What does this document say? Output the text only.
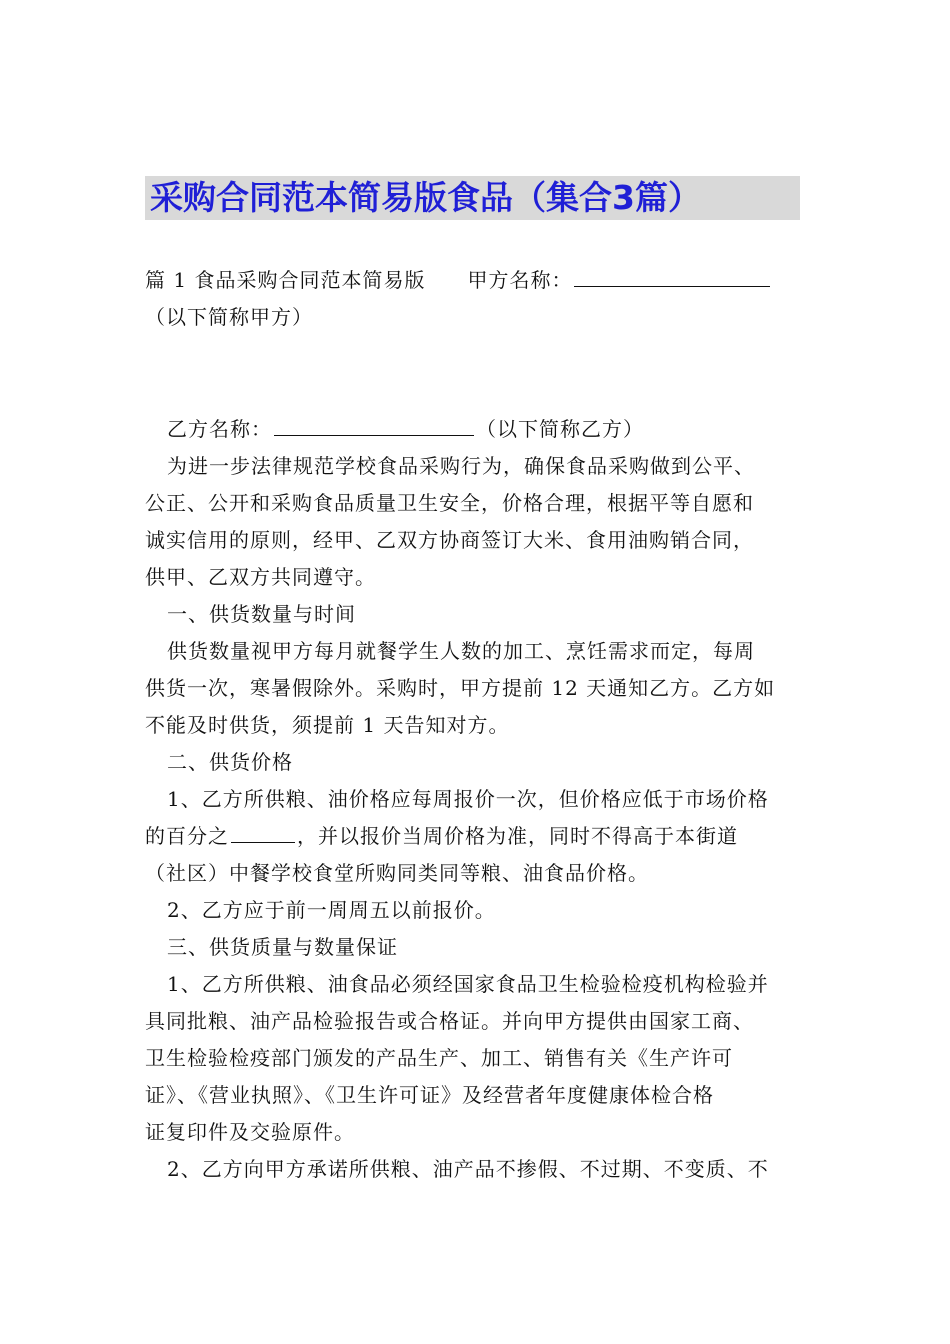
采购合同范本简易版食品（集合3篇）
篇 1 食品采购合同范本简易版　　甲方名称：
（以下简称甲方）
乙方名称：	（以下简称乙方）
为进一步法律规范学校食品采购行为，确保食品采购做到公平、
公正、公开和采购食品质量卫生安全，价格合理，根据平等自愿和
诚实信用的原则，经甲、乙双方协商签订大米、食用油购销合同，
供甲、乙双方共同遵守。
一、供货数量与时间
供货数量视甲方每月就餐学生人数的加工、烹饪需求而定，每周
供货一次，寒暑假除外。采购时，甲方提前 12 天通知乙方。乙方如
不能及时供货，须提前 1 天告知对方。
二、供货价格
1、乙方所供粮、油价格应每周报价一次，但价格应低于市场价格
的百分之	，并以报价当周价格为准，同时不得高于本街道
（社区）中餐学校食堂所购同类同等粮、油食品价格。
2、乙方应于前一周周五以前报价。
三、供货质量与数量保证
1、乙方所供粮、油食品必须经国家食品卫生检验检疫机构检验并
具同批粮、油产品检验报告或合格证。并向甲方提供由国家工商、
卫生检验检疫部门颁发的产品生产、加工、销售有关《生产许可
证》、《营业执照》、《卫生许可证》及经营者年度健康体检合格
证复印件及交验原件。
2、乙方向甲方承诺所供粮、油产品不掺假、不过期、不变质、不
